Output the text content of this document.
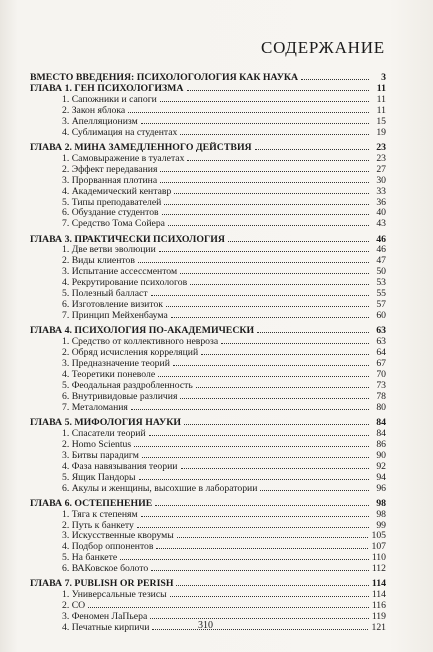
СОДЕРЖАНИЕ
ВМЕСТО ВВЕДЕНИЯ: ПСИХОЛОГОЛОГИЯ КАК НАУКА	3
ГЛАВА 1. ГЕН ПСИХОЛОГИЗМА	11
1. Сапожники и сапоги	11
2. Закон яблока	11
3. Апелляционизм	15
4. Сублимация на студентах	19
ГЛАВА 2. МИНА ЗАМЕДЛЕННОГО ДЕЙСТВИЯ	23
1. Самовыражение в туалетах	23
2. Эффект передавания	27
3. Прорванная плотина	30
4. Академический кентавр	33
5. Типы преподавателей	36
6. Обуздание студентов	40
7. Средство Тома Сойера	43
ГЛАВА 3. ПРАКТИЧЕСКИ ПСИХОЛОГИЯ	46
1. Две ветви эволюции	46
2. Виды клиентов	47
3. Испытание ассессментом	50
4. Рекрутирование психологов	53
5. Полезный балласт	55
6. Изготовление визиток	57
7. Принцип Мейхенбаума	60
ГЛАВА 4. ПСИХОЛОГИЯ ПО-АКАДЕМИЧЕСКИ	63
1. Средство от коллективного невроза	63
2. Обряд исчисления корреляций	64
3. Предназначение теорий	67
4. Теоретики поневоле	70
5. Феодальная раздробленность	73
6. Внутривидовые различия	78
7. Металомания	80
ГЛАВА 5. МИФОЛОГИЯ НАУКИ	84
1. Спасатели теорий	84
2. Homo Scientus	86
3. Битвы парадигм	90
4. Фаза навязывания теории	92
5. Ящик Пандоры	94
6. Акулы и женщины, высохшие в лаборатории	96
ГЛАВА 6. ОСТЕПЕНЕНИЕ	98
1. Тяга к степеням	98
2. Путь к банкету	99
3. Искусственные кворумы	105
4. Подбор оппонентов	107
5. На банкете	110
6. ВАКовское болото	112
ГЛАВА 7. PUBLISH OR PERISH	114
1. Универсальные тезисы	114
2. СО	116
3. Феномен ЛаПьера	119
4. Печатные кирпичи	121
310
